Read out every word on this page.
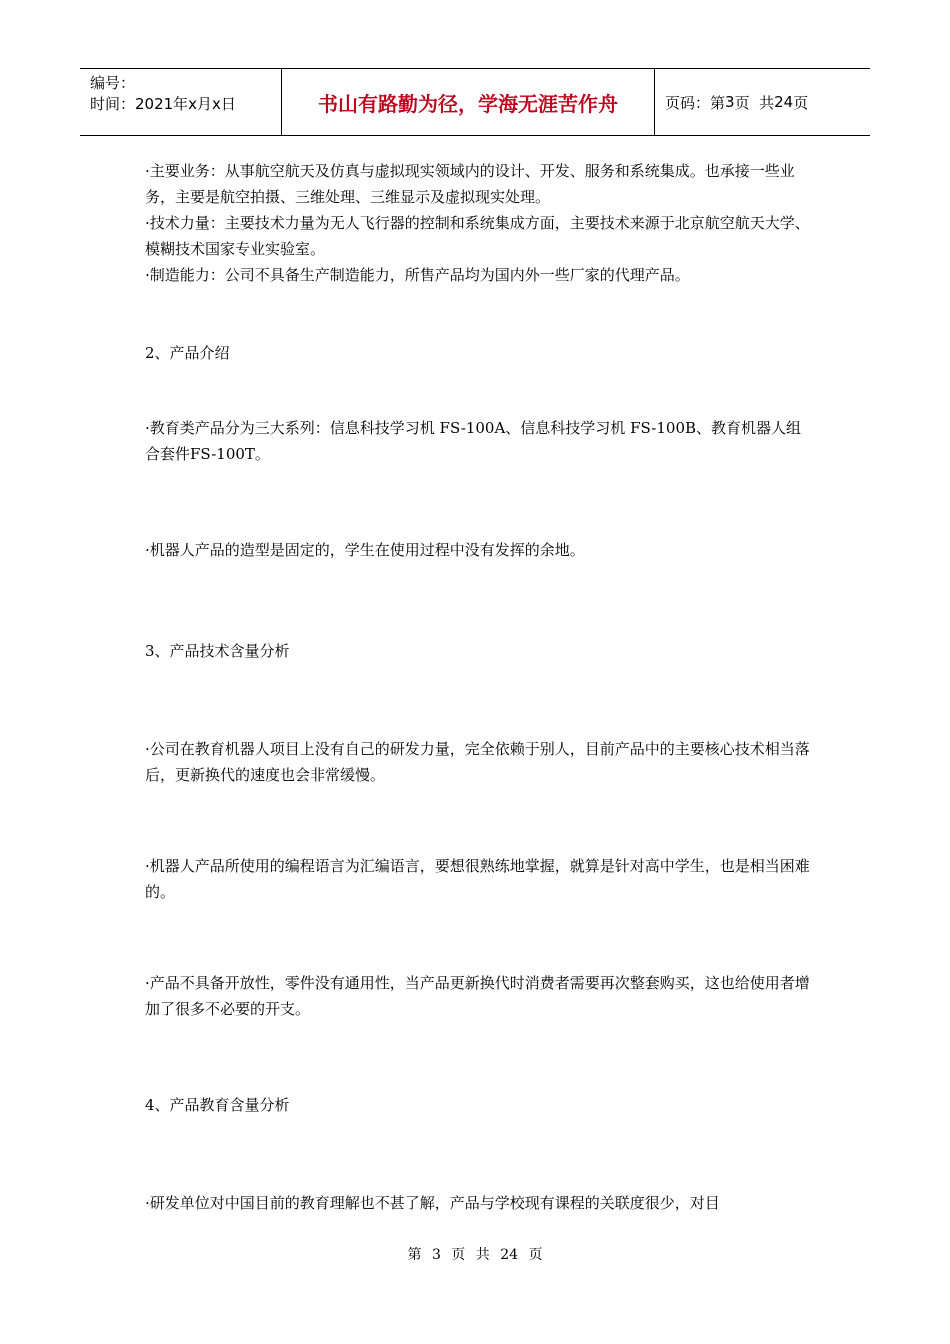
编号：
时间：2021年x月x日	书山有路勤为径，学海无涯苦作舟	页码：第 3 页  共 24 页

·主要业务：从事航空航天及仿真与虚拟现实领域内的设计、开发、服务和系统集成。也承接一些业务，主要是航空拍摄、三维处理、三维显示及虚拟现实处理。

·技术力量：主要技术力量为无人飞行器的控制和系统集成方面，主要技术来源于北京航空航天大学、模糊技术国家专业实验室。

·制造能力：公司不具备生产制造能力，所售产品均为国内外一些厂家的代理产品。

2、产品介绍

·教育类产品分为三大系列：信息科技学习机 FS-100A、信息科技学习机 FS-100B、教育机器人组合套件FS-100T。

·机器人产品的造型是固定的，学生在使用过程中没有发挥的余地。

3、产品技术含量分析

·公司在教育机器人项目上没有自己的研发力量，完全依赖于别人，目前产品中的主要核心技术相当落后，更新换代的速度也会非常缓慢。

·机器人产品所使用的编程语言为汇编语言，要想很熟练地掌握，就算是针对高中学生，也是相当困难的。

·产品不具备开放性，零件没有通用性，当产品更新换代时消费者需要再次整套购买，这也给使用者增加了很多不必要的开支。

4、产品教育含量分析

·研发单位对中国目前的教育理解也不甚了解，产品与学校现有课程的关联度很少，对目

第 3 页 共 24 页
